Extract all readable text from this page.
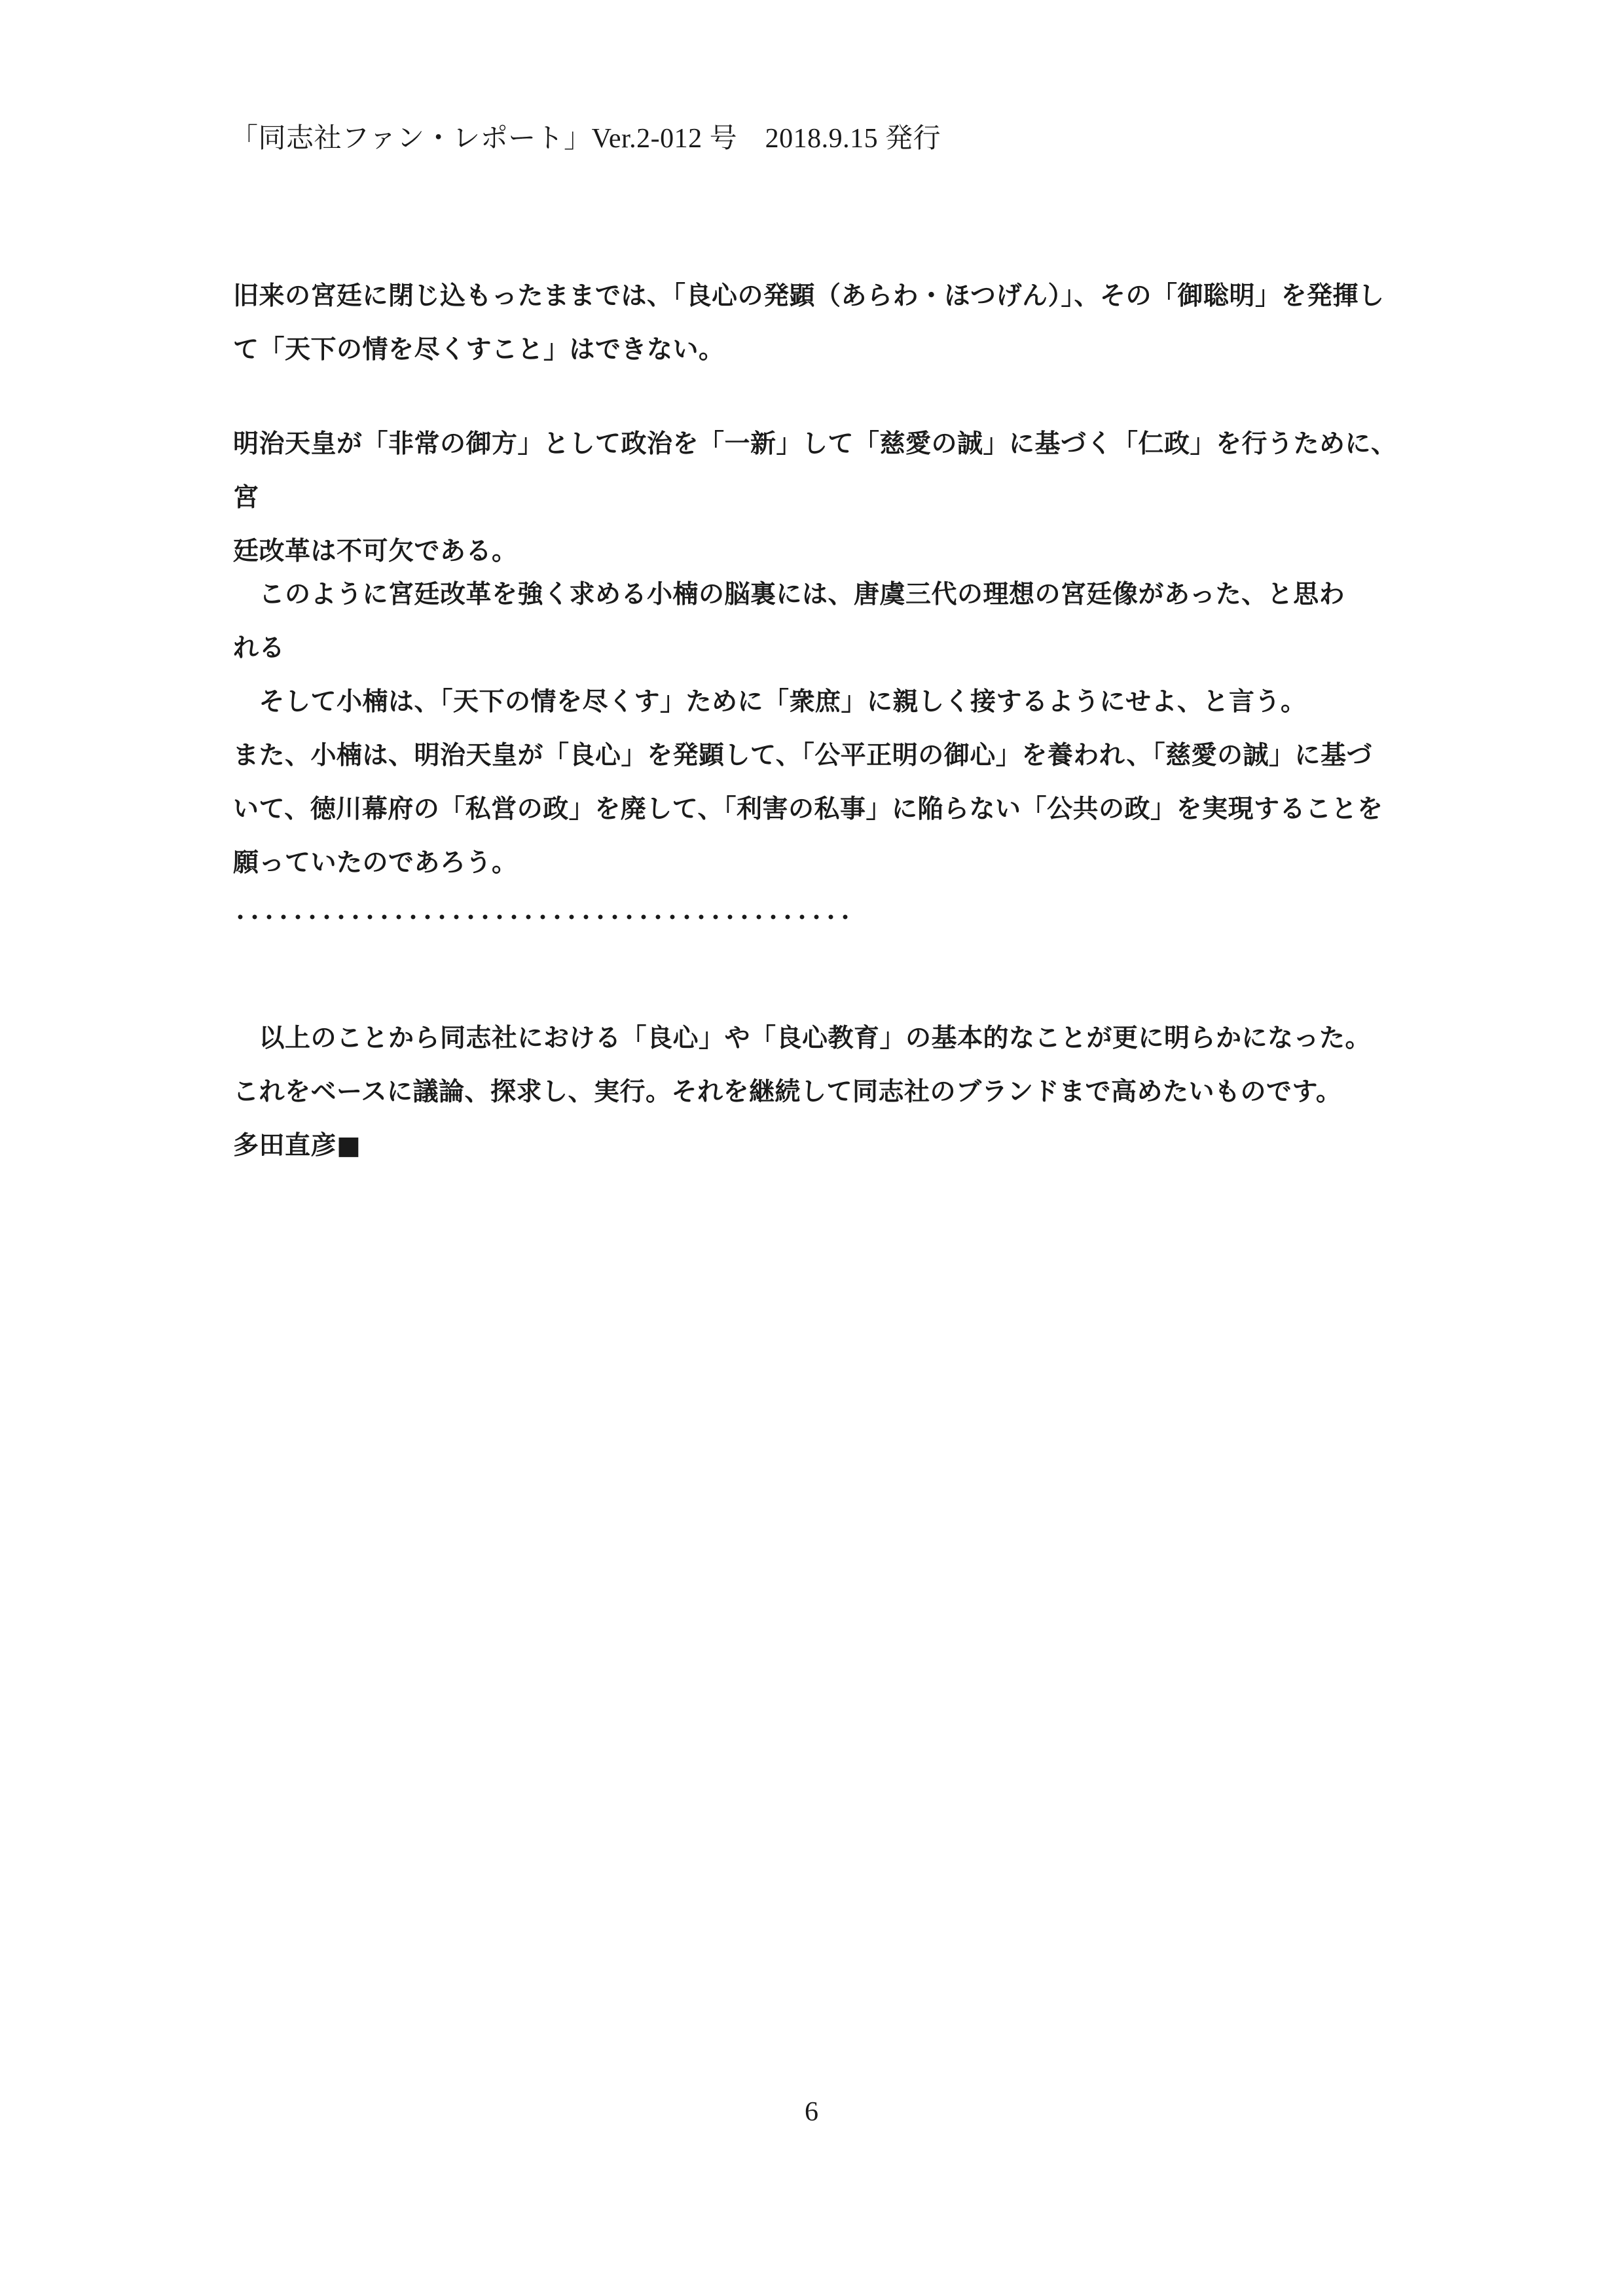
「同志社ファン・レポート」Ver.2-012 号　2018.9.15 発行

旧来の宮廷に閉じ込もったままでは、「良心の発顕（あらわ・ほつげん）」、その「御聡明」を発揮し

て「天下の情を尽くすこと」はできない。

明治天皇が「非常の御方」として政治を「一新」して「慈愛の誠」に基づく「仁政」を行うために、宮

廷改革は不可欠である。

　このように宮廷改革を強く求める小楠の脳裏には、唐虞三代の理想の宮廷像があった、と思わ

れる

　そして小楠は、「天下の情を尽くす」ために「衆庶」に親しく接するようにせよ、と言う。

また、小楠は、明治天皇が「良心」を発顕して、「公平正明の御心」を養われ、「慈愛の誠」に基づ

いて、徳川幕府の「私営の政」を廃して、「利害の私事」に陥らない「公共の政」を実現することを

願っていたのであろう。

　以上のことから同志社における「良心」や「良心教育」の基本的なことが更に明らかになった。

これをベースに議論、探求し、実行。それを継続して同志社のブランドまで高めたいものです。

多田直彦■

6
